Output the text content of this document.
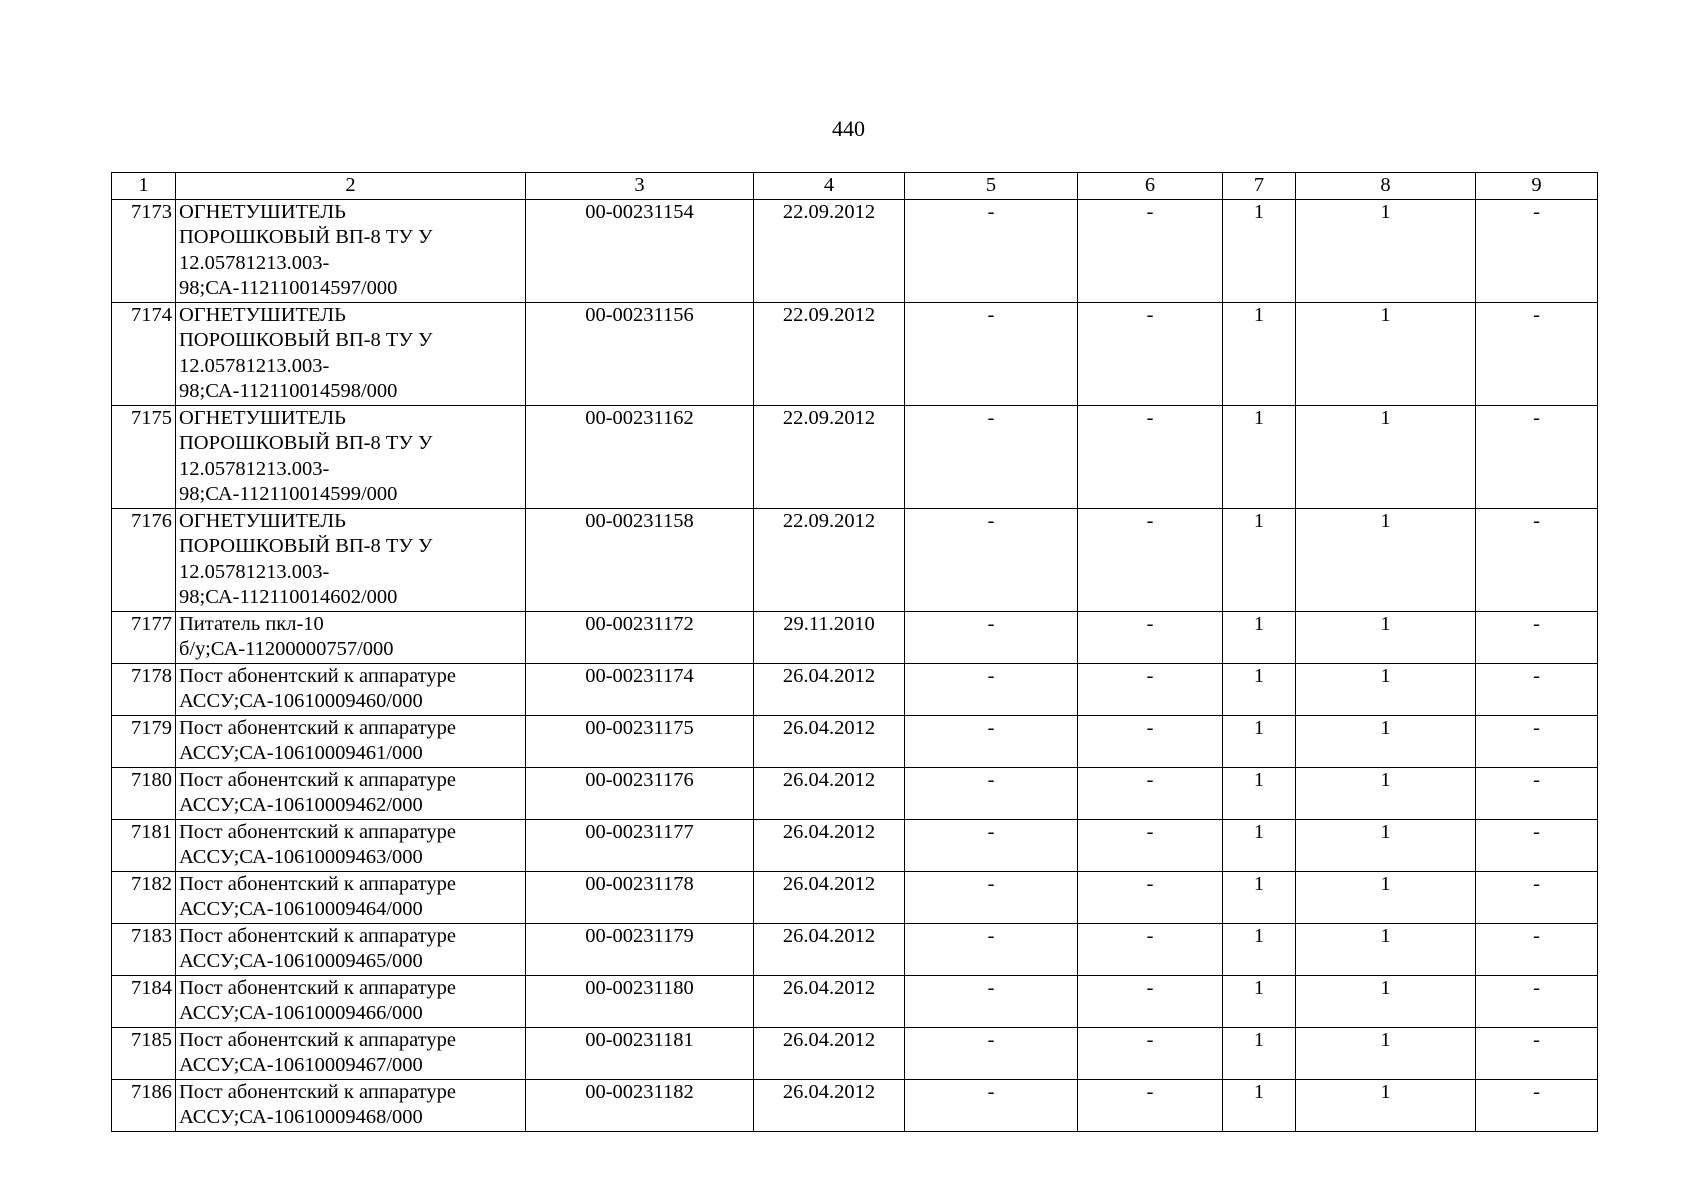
440
1	2	3	4	5	6	7	8	9
7173	ОГНЕТУШИТЕЛЬ
ПОРОШКОВЫЙ ВП-8 ТУ У
12.05781213.003-
98;СА-112110014597/000	00-00231154	22.09.2012	-	-	1	1	-
7174	ОГНЕТУШИТЕЛЬ
ПОРОШКОВЫЙ ВП-8 ТУ У
12.05781213.003-
98;СА-112110014598/000	00-00231156	22.09.2012	-	-	1	1	-
7175	ОГНЕТУШИТЕЛЬ
ПОРОШКОВЫЙ ВП-8 ТУ У
12.05781213.003-
98;СА-112110014599/000	00-00231162	22.09.2012	-	-	1	1	-
7176	ОГНЕТУШИТЕЛЬ
ПОРОШКОВЫЙ ВП-8 ТУ У
12.05781213.003-
98;СА-112110014602/000	00-00231158	22.09.2012	-	-	1	1	-
7177	Питатель пкл-10
б/у;СА-11200000757/000	00-00231172	29.11.2010	-	-	1	1	-
7178	Пост абонентский к аппаратуре
АССУ;СА-10610009460/000	00-00231174	26.04.2012	-	-	1	1	-
7179	Пост абонентский к аппаратуре
АССУ;СА-10610009461/000	00-00231175	26.04.2012	-	-	1	1	-
7180	Пост абонентский к аппаратуре
АССУ;СА-10610009462/000	00-00231176	26.04.2012	-	-	1	1	-
7181	Пост абонентский к аппаратуре
АССУ;СА-10610009463/000	00-00231177	26.04.2012	-	-	1	1	-
7182	Пост абонентский к аппаратуре
АССУ;СА-10610009464/000	00-00231178	26.04.2012	-	-	1	1	-
7183	Пост абонентский к аппаратуре
АССУ;СА-10610009465/000	00-00231179	26.04.2012	-	-	1	1	-
7184	Пост абонентский к аппаратуре
АССУ;СА-10610009466/000	00-00231180	26.04.2012	-	-	1	1	-
7185	Пост абонентский к аппаратуре
АССУ;СА-10610009467/000	00-00231181	26.04.2012	-	-	1	1	-
7186	Пост абонентский к аппаратуре
АССУ;СА-10610009468/000	00-00231182	26.04.2012	-	-	1	1	-
